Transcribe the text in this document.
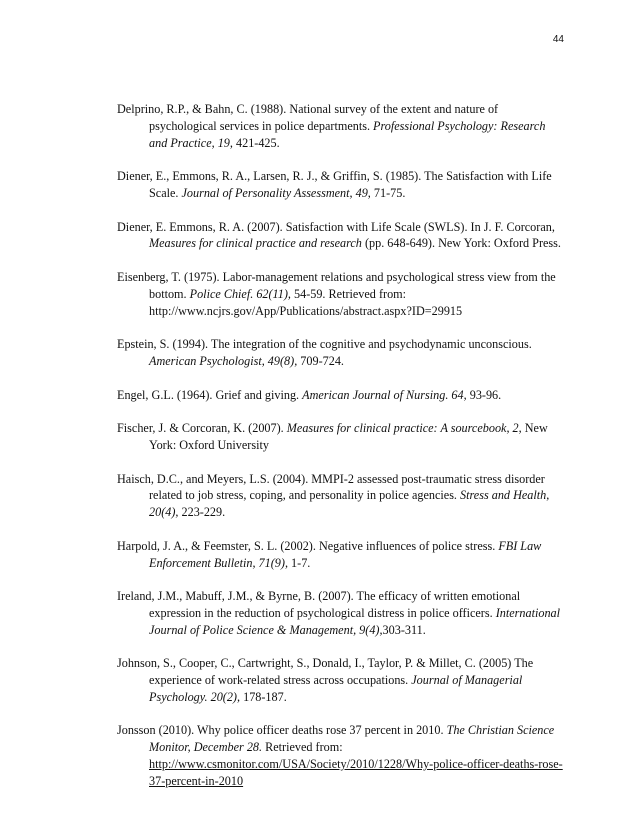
44

Delprino, R.P., & Bahn, C. (1988). National survey of the extent and nature of psychological services in police departments. Professional Psychology: Research and Practice, 19, 421-425.

Diener, E., Emmons, R. A., Larsen, R. J., & Griffin, S. (1985). The Satisfaction with Life Scale. Journal of Personality Assessment, 49, 71-75.

Diener, E. Emmons, R. A. (2007). Satisfaction with Life Scale (SWLS). In J. F. Corcoran, Measures for clinical practice and research (pp. 648-649). New York: Oxford Press.

Eisenberg, T. (1975). Labor-management relations and psychological stress view from the bottom. Police Chief. 62(11), 54-59. Retrieved from: http://www.ncjrs.gov/App/Publications/abstract.aspx?ID=29915

Epstein, S. (1994). The integration of the cognitive and psychodynamic unconscious. American Psychologist, 49(8), 709-724.

Engel, G.L. (1964). Grief and giving. American Journal of Nursing. 64, 93-96.

Fischer, J. & Corcoran, K. (2007). Measures for clinical practice: A sourcebook, 2, New York: Oxford University

Haisch, D.C., and Meyers, L.S. (2004). MMPI-2 assessed post-traumatic stress disorder related to job stress, coping, and personality in police agencies. Stress and Health, 20(4), 223-229.

Harpold, J. A., & Feemster, S. L. (2002). Negative influences of police stress. FBI Law Enforcement Bulletin, 71(9), 1-7.

Ireland, J.M., Mabuff, J.M., & Byrne, B. (2007). The efficacy of written emotional expression in the reduction of psychological distress in police officers. International Journal of Police Science & Management, 9(4),303-311.

Johnson, S., Cooper, C., Cartwright, S., Donald, I., Taylor, P. & Millet, C. (2005) The experience of work-related stress across occupations. Journal of Managerial Psychology. 20(2), 178-187.

Jonsson (2010). Why police officer deaths rose 37 percent in 2010. The Christian Science Monitor, December 28. Retrieved from: http://www.csmonitor.com/USA/Society/2010/1228/Why-police-officer-deaths-rose-37-percent-in-2010
